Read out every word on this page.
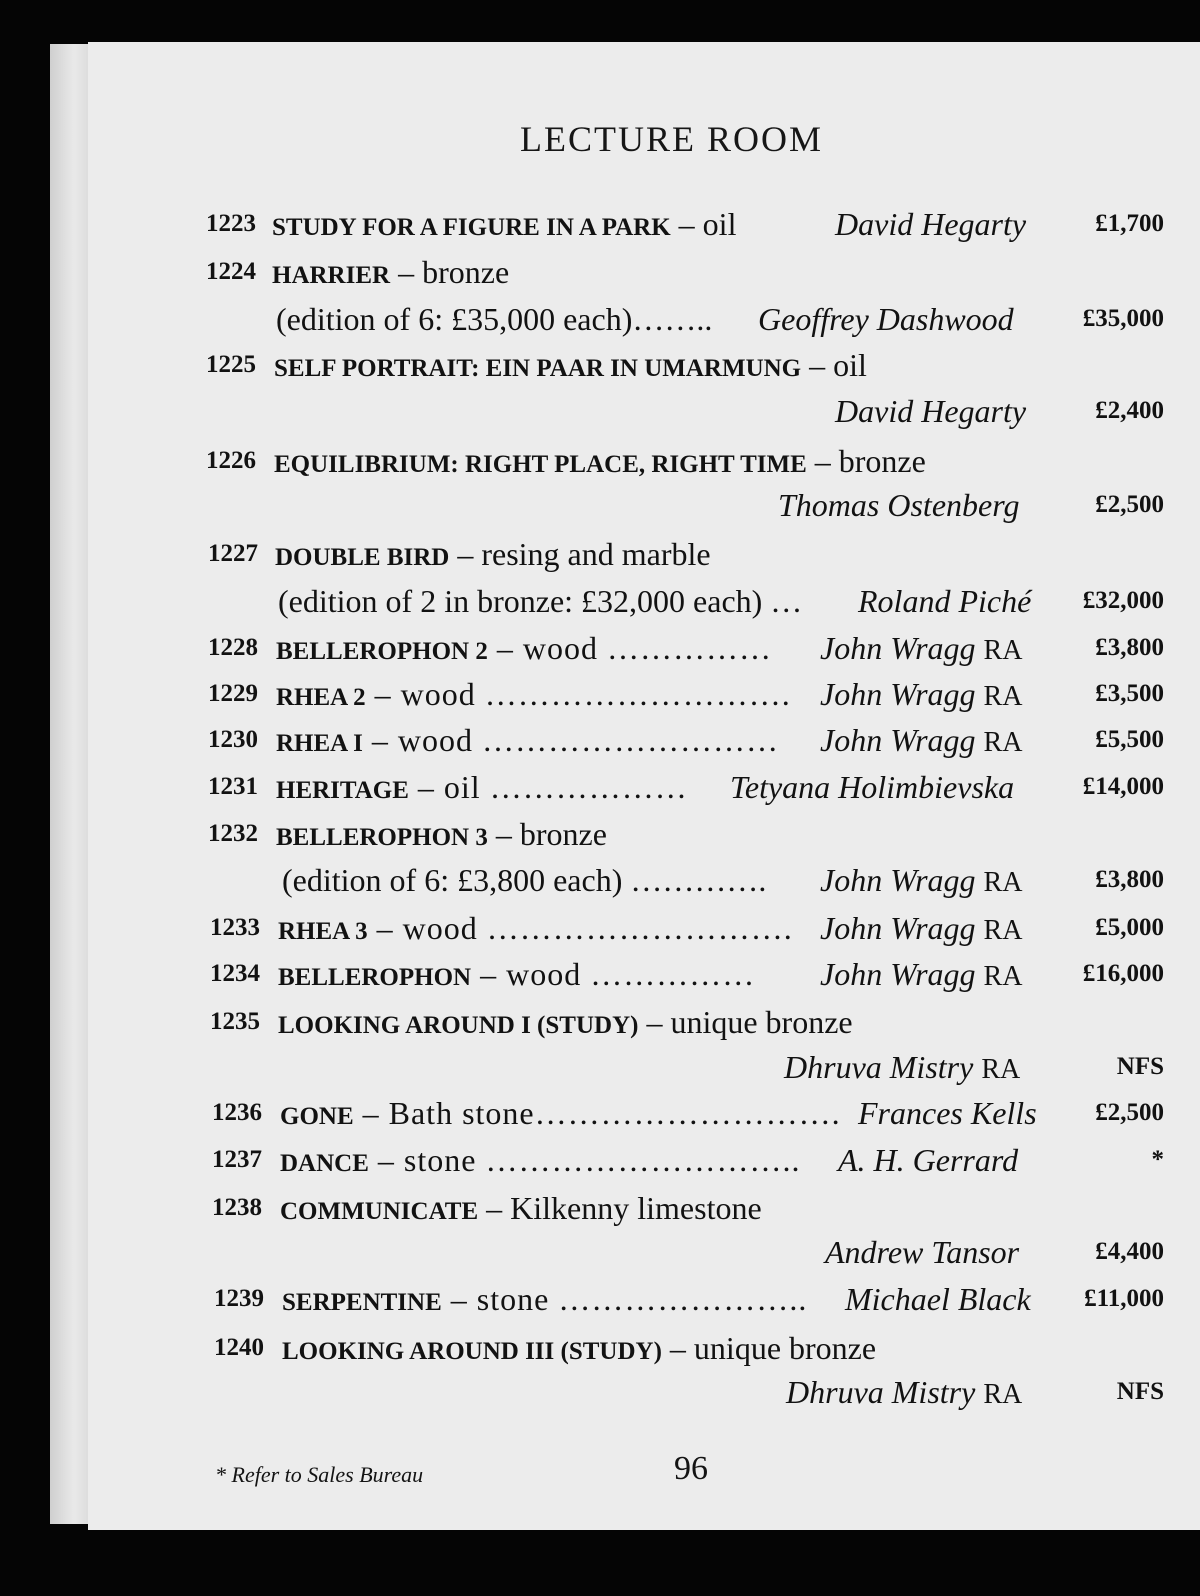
LECTURE ROOM
1223 STUDY FOR A FIGURE IN A PARK – oil	David Hegarty	£1,700
1224 HARRIER – bronze
(edition of 6: £35,000 each)…….. Geoffrey Dashwood	£35,000
1225 SELF PORTRAIT: EIN PAAR IN UMARMUNG – oil
David Hegarty	£2,400
1226 EQUILIBRIUM: RIGHT PLACE, RIGHT TIME – bronze
Thomas Ostenberg	£2,500
1227 DOUBLE BIRD – resing and marble
(edition of 2 in bronze: £32,000 each) … Roland Piché £32,000
1228 BELLEROPHON 2 – wood …………… John Wragg RA	£3,800
1229 RHEA 2 – wood ………………………. John Wragg RA	£3,500
1230 RHEA I – wood ……………………… John Wragg RA	£5,500
1231 HERITAGE – oil ……………… Tetyana Holimbievska	£14,000
1232 BELLEROPHON 3 – bronze
(edition of 6: £3,800 each) …………. John Wragg RA	£3,800
1233 RHEA 3 – wood ………………………. John Wragg RA	£5,000
1234 BELLEROPHON – wood …………… John Wragg RA £16,000
1235 LOOKING AROUND I (STUDY) – unique bronze
Dhruva Mistry RA	NFS
1236 GONE – Bath stone………………………. Frances Kells £2,500
1237 DANCE – stone ……………………….. A. H. Gerrard	*
1238 COMMUNICATE – Kilkenny limestone
Andrew Tansor	£4,400
1239 SERPENTINE – stone ………………….. Michael Black £11,000
1240 LOOKING AROUND III (STUDY) – unique bronze
Dhruva Mistry RA	NFS
* Refer to Sales Bureau	96
